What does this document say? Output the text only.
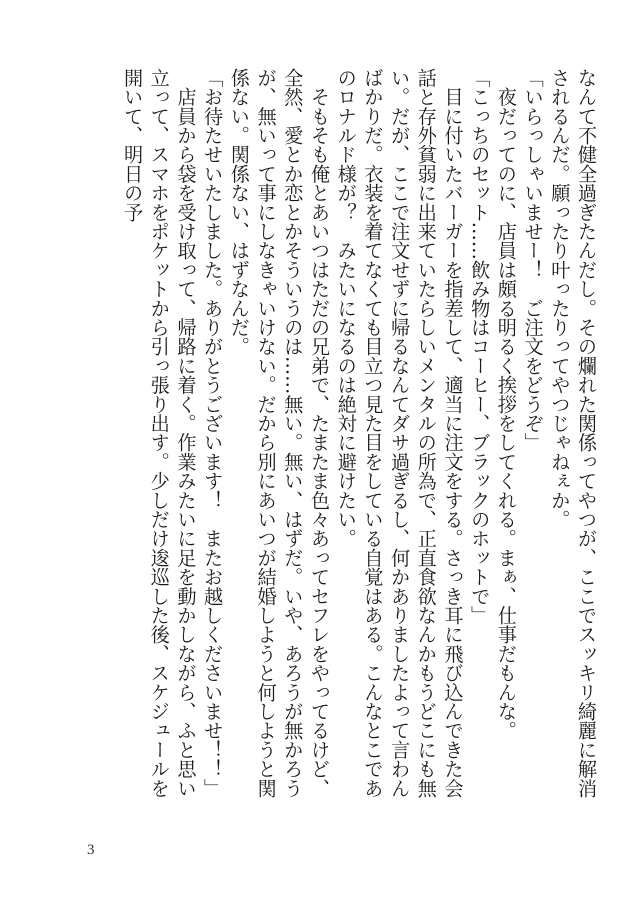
なんて不健全過ぎたんだし。その爛れた関係ってやつが、ここでスッキリ綺麗に解消されるんだ。願ったり叶ったりってやつじゃねぇか。

「いらっしゃいませー！　ご注文をどうぞ」

　夜だってのに、店員は頗る明るく挨拶をしてくれる。まぁ、仕事だもんな。

「こっちのセット……飲み物はコーヒー、ブラックのホットで」

　目に付いたバーガーを指差して、適当に注文をする。さっき耳に飛び込んできた会話と存外貧弱に出来ていたらしいメンタルの所為で、正直食欲なんかもうどこにも無い。だが、ここで注文せずに帰るなんてダサ過ぎるし、何かありましたよって言わんばかりだ。衣装を着てなくても目立つ見た目をしている自覚はある。こんなとこであのロナルド様が？　みたいになるのは絶対に避けたい。

　そもそも俺とあいつはただの兄弟で、たまたま色々あってセフレをやってるけど、全然、愛とか恋とかそういうのは……無い。無い、はずだ。いや、あろうが無かろうが、無いって事にしなきゃいけない。だから別にあいつが結婚しようと何しようと関係ない。関係ない、はずなんだ。

「お待たせいたしました。ありがとうございます！　またお越しくださいませ！！」

　店員から袋を受け取って、帰路に着く。作業みたいに足を動かしながら、ふと思い立って、スマホをポケットから引っ張り出す。少しだけ逡巡した後、スケジュールを開いて、明日の予

3
